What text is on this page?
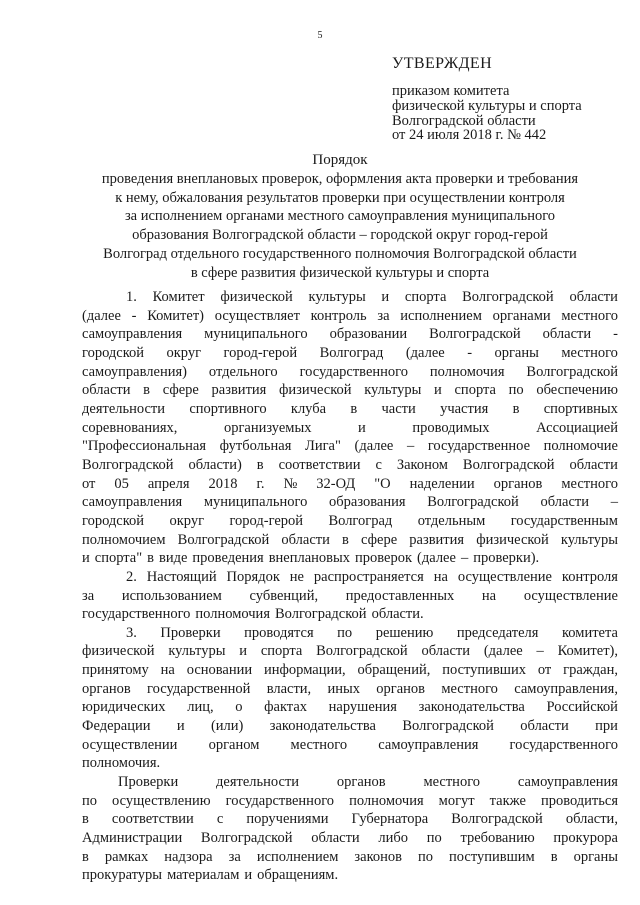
5
УТВЕРЖДЕН
приказом комитета
физической культуры и спорта
Волгоградской области
от 24 июля 2018 г. № 442
Порядок
проведения внеплановых проверок, оформления акта проверки и требования
к нему, обжалования результатов проверки при осуществлении контроля
за исполнением органами местного самоуправления муниципального
образования Волгоградской области – городской округ город-герой
Волгоград отдельного государственного полномочия Волгоградской области
в сфере развития физической культуры и спорта
1. Комитет физической культуры и спорта Волгоградской области
(далее - Комитет) осуществляет контроль за исполнением органами местного
самоуправления муниципального образовании Волгоградской области -
городской округ город-герой Волгоград (далее - органы местного
самоуправления) отдельного государственного полномочия Волгоградской
области в сфере развития физической культуры и спорта по обеспечению
деятельности спортивного клуба в части участия в спортивных
соревнованиях,	организуемых	и	проводимых	Ассоциацией
"Профессиональная футбольная Лига" (далее – государственное полномочие
Волгоградской области) в соответствии с Законом Волгоградской области
от 05 апреля 2018 г. № 32-ОД "О наделении органов местного
самоуправления муниципального образования Волгоградской области –
городской округ город-герой Волгоград отдельным государственным
полномочием Волгоградской области в сфере развития физической культуры
и спорта" в виде проведения внеплановых проверок (далее – проверки).
2. Настоящий Порядок не распространяется на осуществление контроля
за использованием субвенций, предоставленных на осуществление
государственного полномочия Волгоградской области.
3. Проверки проводятся по решению председателя комитета
физической культуры и спорта Волгоградской области (далее – Комитет),
принятому на основании информации, обращений, поступивших от граждан,
органов государственной власти, иных органов местного самоуправления,
юридических лиц, о фактах нарушения законодательства Российской
Федерации и (или) законодательства Волгоградской области при
осуществлении органом местного самоуправления государственного
полномочия.
Проверки	деятельности	органов	местного	самоуправления
по осуществлению государственного полномочия могут также проводиться
в соответствии с поручениями Губернатора Волгоградской области,
Администрации Волгоградской области либо по требованию прокурора
в рамках надзора за исполнением законов по поступившим в органы
прокуратуры материалам и обращениям.
